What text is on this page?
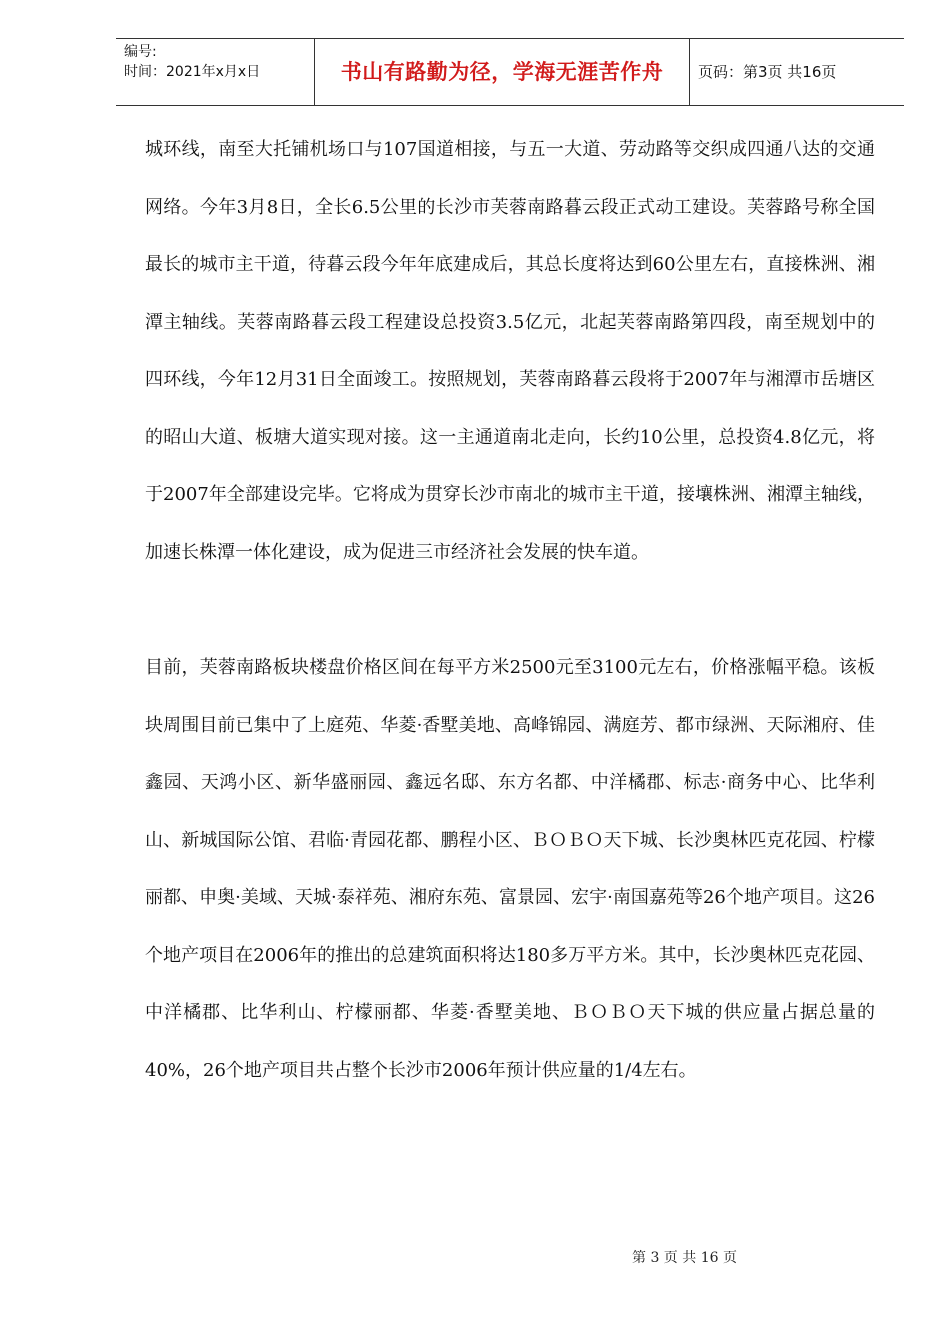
编号:
时间：2021年x月x日	书山有路勤为径，学海无涯苦作舟	页码：第3页 共16页

城环线，南至大托铺机场口与107国道相接，与五一大道、劳动路等交织成四通八达的交通网络。今年3月8日，全长6.5公里的长沙市芙蓉南路暮云段正式动工建设。芙蓉路号称全国最长的城市主干道，待暮云段今年年底建成后，其总长度将达到60公里左右，直接株洲、湘潭主轴线。芙蓉南路暮云段工程建设总投资3.5亿元，北起芙蓉南路第四段，南至规划中的四环线，今年12月31日全面竣工。按照规划，芙蓉南路暮云段将于2007年与湘潭市岳塘区的昭山大道、板塘大道实现对接。这一主通道南北走向，长约10公里，总投资4.8亿元，将于2007年全部建设完毕。它将成为贯穿长沙市南北的城市主干道，接壤株洲、湘潭主轴线，加速长株潭一体化建设，成为促进三市经济社会发展的快车道。

目前，芙蓉南路板块楼盘价格区间在每平方米2500元至3100元左右，价格涨幅平稳。该板块周围目前已集中了上庭苑、华菱·香墅美地、高峰锦园、满庭芳、都市绿洲、天际湘府、佳鑫园、天鸿小区、新华盛丽园、鑫远名邸、东方名都、中洋橘郡、标志·商务中心、比华利山、新城国际公馆、君临·青园花都、鹏程小区、ＢＯＢＯ天下城、长沙奥林匹克花园、柠檬丽都、申奥·美域、天城·泰祥苑、湘府东苑、富景园、宏宇·南国嘉苑等26个地产项目。这26个地产项目在2006年的推出的总建筑面积将达180多万平方米。其中，长沙奥林匹克花园、中洋橘郡、比华利山、柠檬丽都、华菱·香墅美地、ＢＯＢＯ天下城的供应量占据总量的40%，26个地产项目共占整个长沙市2006年预计供应量的1/4左右。

第 3 页 共 16 页
